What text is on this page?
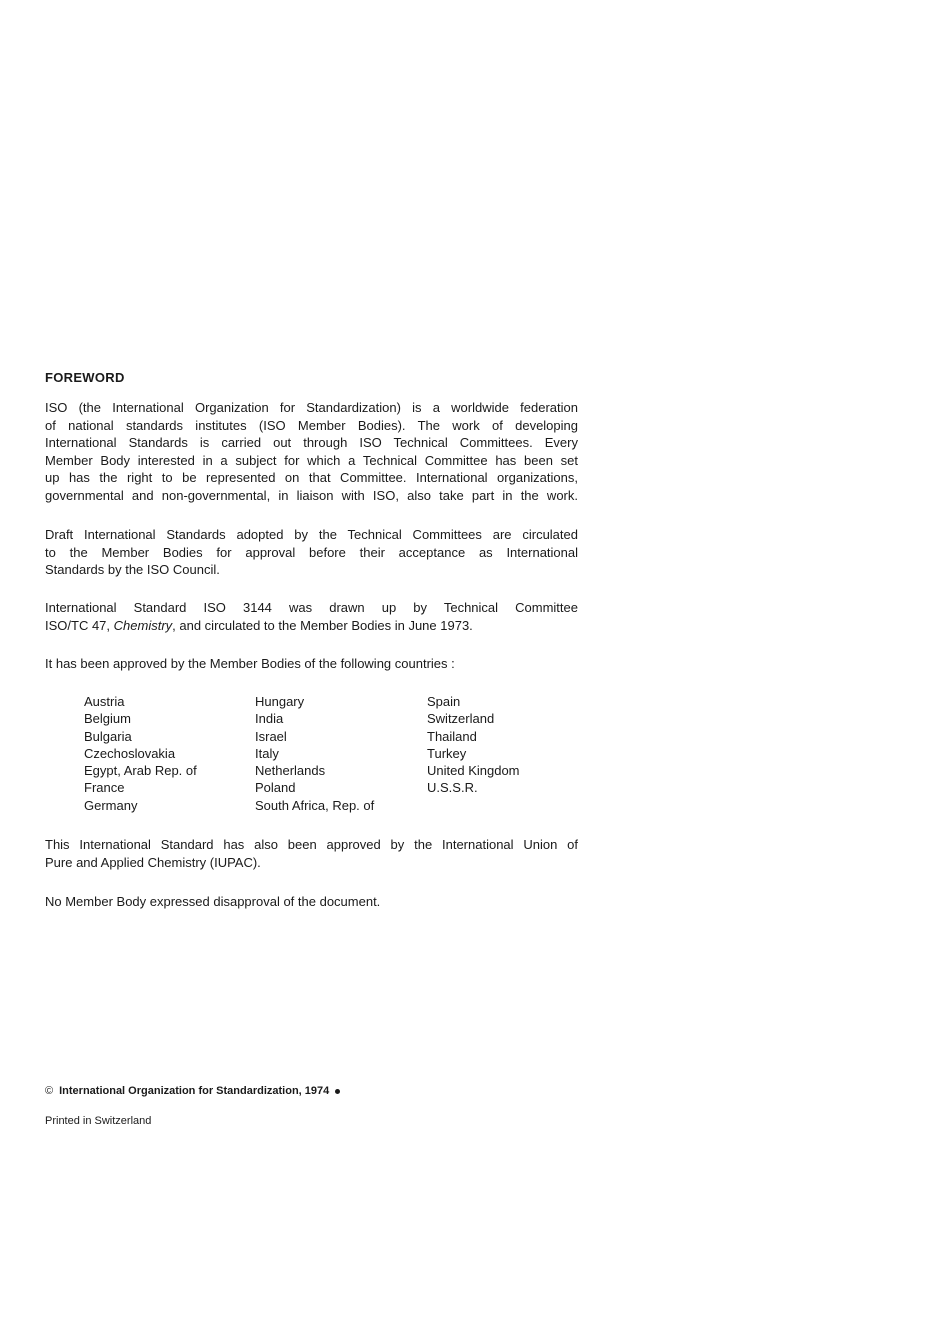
FOREWORD
ISO (the International Organization for Standardization) is a worldwide federation
of national standards institutes (ISO Member Bodies). The work of developing
International Standards is carried out through ISO Technical Committees. Every
Member Body interested in a subject for which a Technical Committee has been set
up has the right to be represented on that Committee. International organizations,
governmental and non-governmental, in liaison with ISO, also take part in the work.
Draft International Standards adopted by the Technical Committees are circulated
to the Member Bodies for approval before their acceptance as International
Standards by the ISO Council.
International Standard ISO 3144 was drawn up by Technical Committee
ISO/TC 47, Chemistry, and circulated to the Member Bodies in June 1973.
It has been approved by the Member Bodies of the following countries :
Austria
Belgium
Bulgaria
Czechoslovakia
Egypt, Arab Rep. of
France
Germany
Hungary
India
Israel
Italy
Netherlands
Poland
South Africa, Rep. of
Spain
Switzerland
Thailand
Turkey
United Kingdom
U.S.S.R.
This International Standard has also been approved by the International Union of
Pure and Applied Chemistry (IUPAC).
No Member Body expressed disapproval of the document.
© International Organization for Standardization, 1974
Printed in Switzerland
